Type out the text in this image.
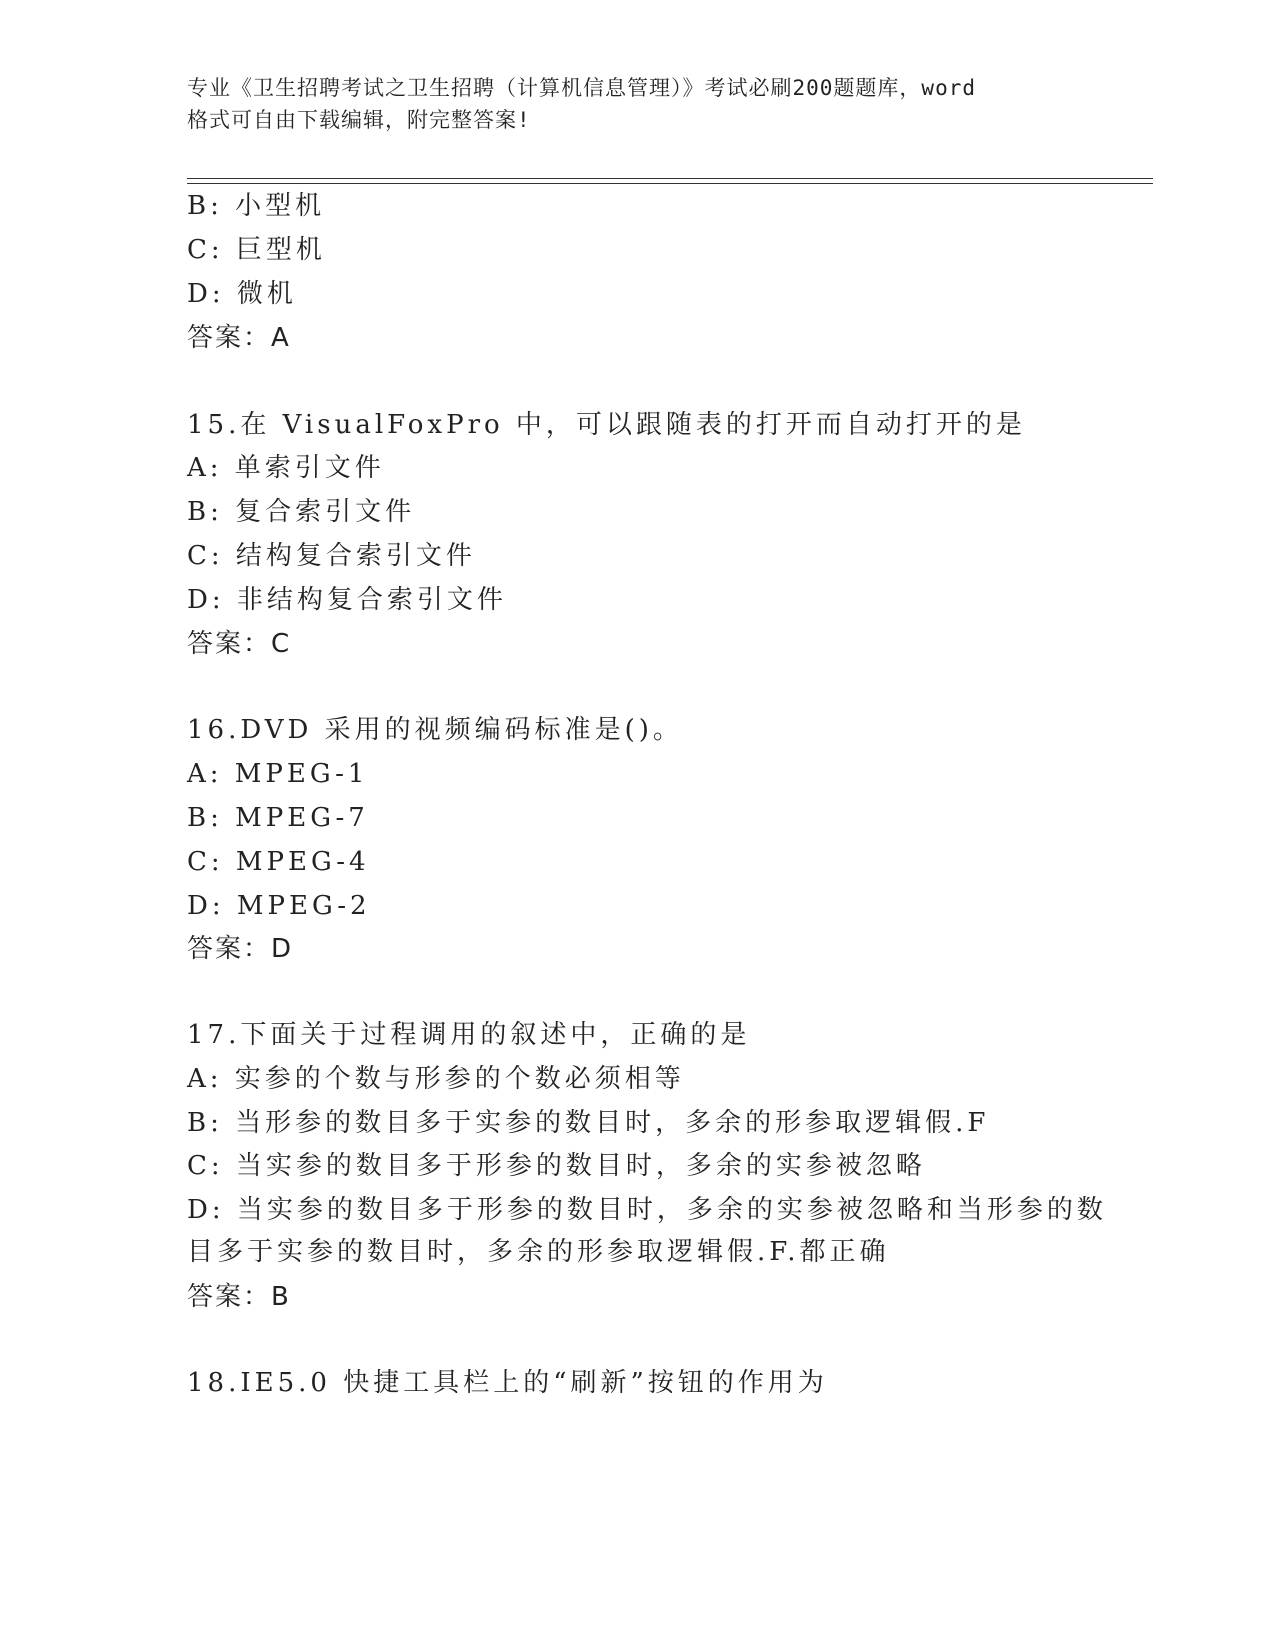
专业《卫生招聘考试之卫生招聘（计算机信息管理）》考试必刷200题题库，word
格式可自由下载编辑，附完整答案!
B: 小型机
C: 巨型机
D: 微机
答案：A
15.在 VisualFoxPro 中，可以跟随表的打开而自动打开的是
A: 单索引文件
B: 复合索引文件
C: 结构复合索引文件
D: 非结构复合索引文件
答案：C
16.DVD 采用的视频编码标准是()。
A: MPEG-1
B: MPEG-7
C: MPEG-4
D: MPEG-2
答案：D
17.下面关于过程调用的叙述中，正确的是
A: 实参的个数与形参的个数必须相等
B: 当形参的数目多于实参的数目时，多余的形参取逻辑假.F
C: 当实参的数目多于形参的数目时，多余的实参被忽略
D: 当实参的数目多于形参的数目时，多余的实参被忽略和当形参的数
目多于实参的数目时，多余的形参取逻辑假.F.都正确
答案：B
18.IE5.0 快捷工具栏上的“刷新”按钮的作用为
